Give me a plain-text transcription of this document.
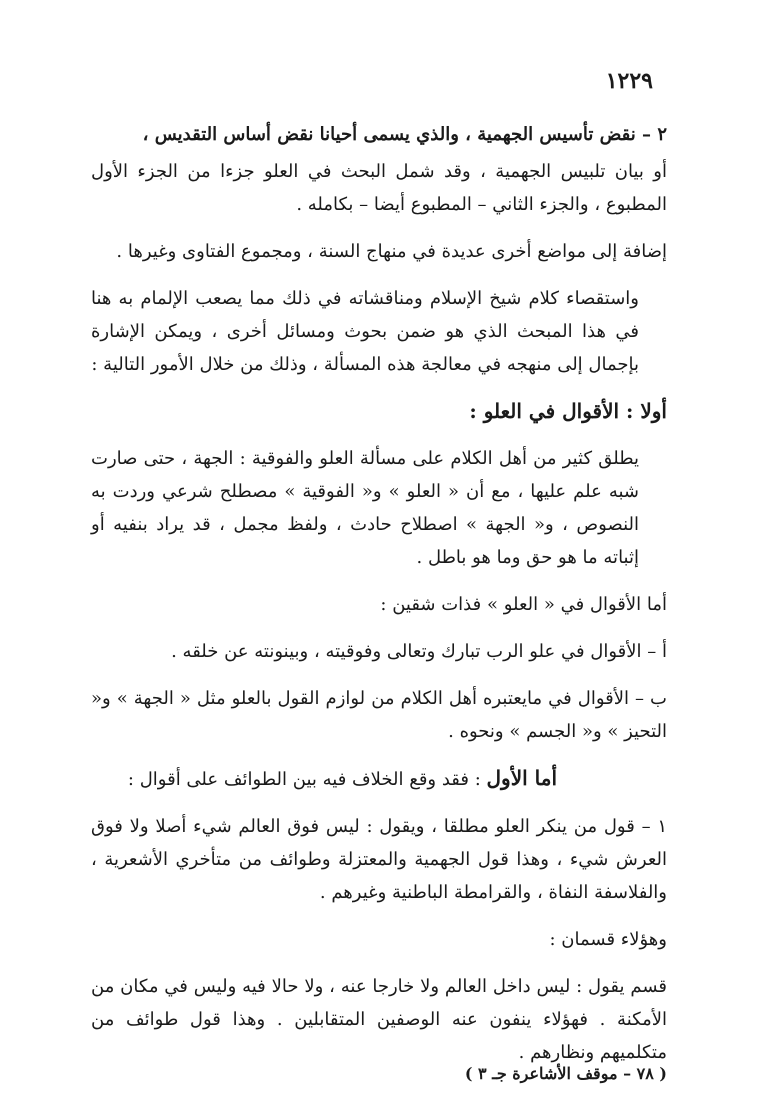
١٢٢٩

٢ – نقض تأسيس الجهمية ، والذي يسمى أحيانا نقض أساس التقديس ،

أو بيان تلبيس الجهمية ، وقد شمل البحث في العلو جزءا من الجزء الأول المطبوع ، والجزء الثاني – المطبوع أيضا – بكامله .

إضافة إلى مواضع أخرى عديدة في منهاج السنة ، ومجموع الفتاوى وغيرها .

واستقصاء كلام شيخ الإسلام ومناقشاته في ذلك مما يصعب الإلمام به هنا في هذا المبحث الذي هو ضمن بحوث ومسائل أخرى ، ويمكن الإشارة بإجمال إلى منهجه في معالجة هذه المسألة ، وذلك من خلال الأمور التالية :

أولا : الأقوال في العلو :

يطلق كثير من أهل الكلام على مسألة العلو والفوقية : الجهة ، حتى صارت شبه علم عليها ، مع أن « العلو » و« الفوقية » مصطلح شرعي وردت به النصوص ، و« الجهة » اصطلاح حادث ، ولفظ مجمل ، قد يراد بنفيه أو إثباته ما هو حق وما هو باطل .

أما الأقوال في « العلو » فذات شقين :

أ – الأقوال في علو الرب تبارك وتعالى وفوقيته ، وبينونته عن خلقه .

ب – الأقوال في مايعتبره أهل الكلام من لوازم القول بالعلو مثل « الجهة » و« التحيز » و« الجسم » ونحوه .

أما الأول : فقد وقع الخلاف فيه بين الطوائف على أقوال :

١ – قول من ينكر العلو مطلقا ، ويقول : ليس فوق العالم شيء أصلا ولا فوق العرش شيء ، وهذا قول الجهمية والمعتزلة وطوائف من متأخري الأشعرية ، والفلاسفة النفاة ، والقرامطة الباطنية وغيرهم .

وهؤلاء قسمان :

قسم يقول : ليس داخل العالم ولا خارجا عنه ، ولا حالا فيه وليس في مكان من الأمكنة . فهؤلاء ينفون عنه الوصفين المتقابلين . وهذا قول طوائف من متكلميهم ونظارهم .

( ٧٨ – موقف الأشاعرة جـ ٣ )
